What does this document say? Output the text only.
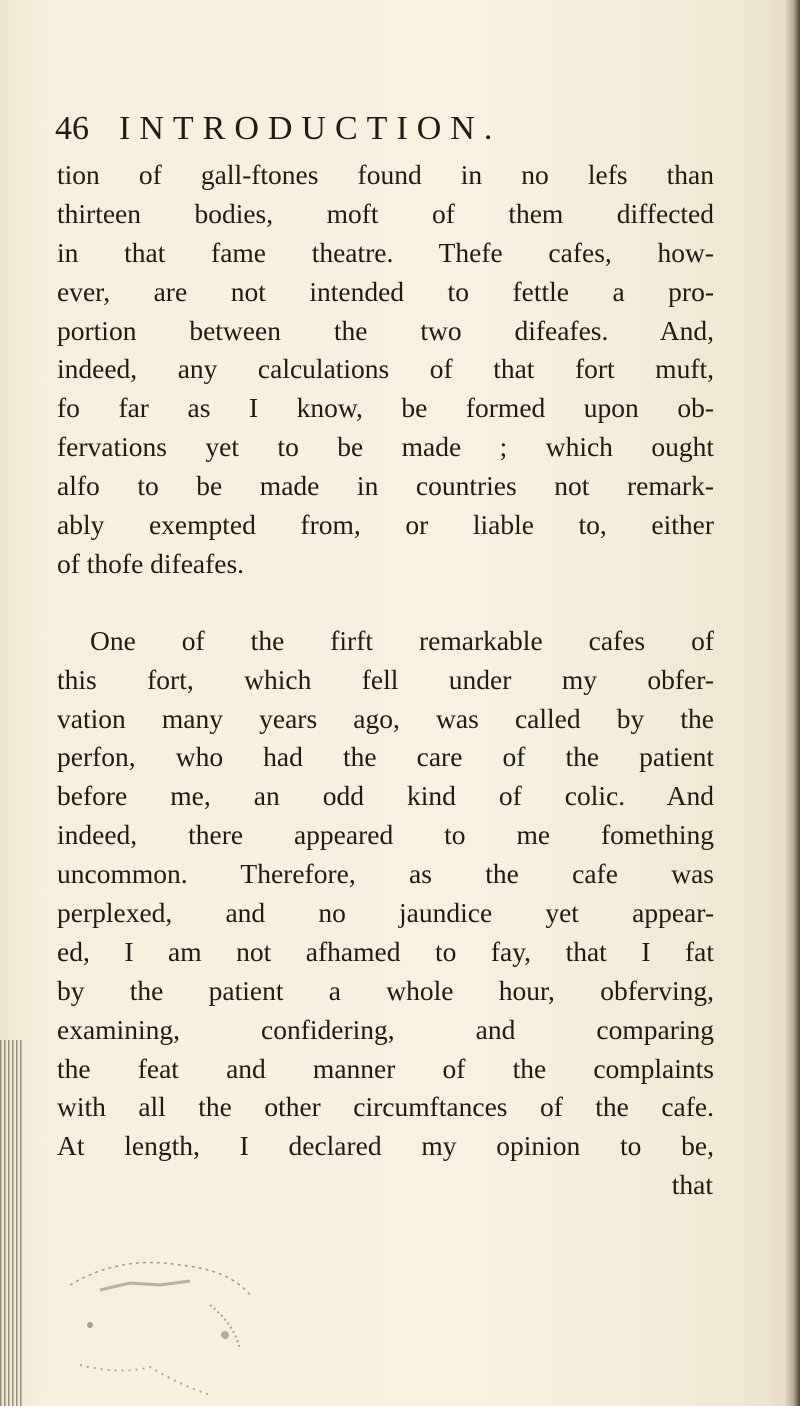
46 INTRODUCTION.
tion of gall-ftones found in no lefs than
thirteen bodies, moft of them diffected
in that fame theatre. Thefe cafes, how-
ever, are not intended to fettle a pro-
portion between the two difeafes. And,
indeed, any calculations of that fort muft,
fo far as I know, be formed upon ob-
fervations yet to be made ; which ought
alfo to be made in countries not remark-
ably exempted from, or liable to, either
of thofe difeafes.
One of the firft remarkable cafes of
this fort, which fell under my obfer-
vation many years ago, was called by the
perfon, who had the care of the patient
before me, an odd kind of colic. And
indeed, there appeared to me fomething
uncommon. Therefore, as the cafe was
perplexed, and no jaundice yet appear-
ed, I am not afhamed to fay, that I fat
by the patient a whole hour, obferving,
examining, confidering, and comparing
the feat and manner of the complaints
with all the other circumftances of the cafe.
At length, I declared my opinion to be,
that
